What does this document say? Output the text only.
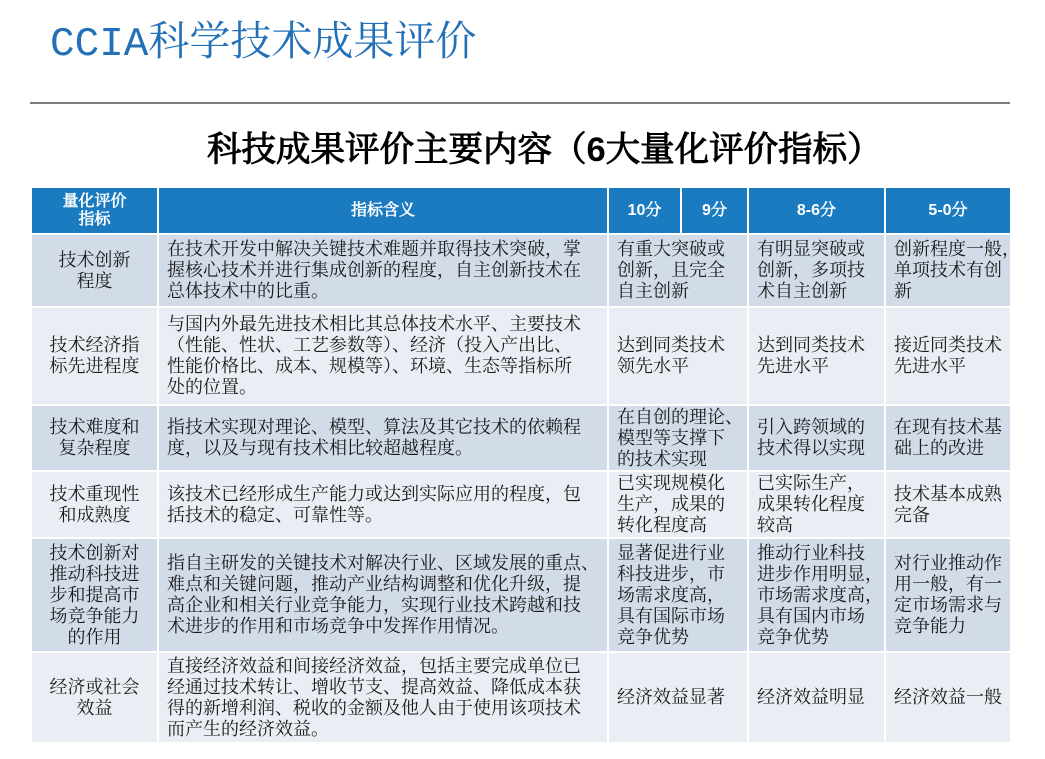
CCIA科学技术成果评价
科技成果评价主要内容（6大量化评价指标）
量化评价
指标	指标含义	10分	9分	8-6分	5-0分
技术创新
程度	在技术开发中解决关键技术难题并取得技术突破，掌
握核心技术并进行集成创新的程度，自主创新技术在
总体技术中的比重。	有重大突破或
创新，且完全
自主创新		有明显突破或
创新，多项技
术自主创新	创新程度一般，
单项技术有创
新
技术经济指
标先进程度	与国内外最先进技术相比其总体技术水平、主要技术
（性能、性状、工艺参数等）、经济（投入产出比、
性能价格比、成本、规模等）、环境、生态等指标所
处的位置。	达到同类技术
领先水平		达到同类技术
先进水平	接近同类技术
先进水平
技术难度和
复杂程度	指技术实现对理论、模型、算法及其它技术的依赖程
度，以及与现有技术相比较超越程度。	在自创的理论、
模型等支撑下
的技术实现		引入跨领域的
技术得以实现	在现有技术基
础上的改进
技术重现性
和成熟度	该技术已经形成生产能力或达到实际应用的程度，包
括技术的稳定、可靠性等。	已实现规模化
生产，成果的
转化程度高		已实际生产，
成果转化程度
较高	技术基本成熟
完备
技术创新对
推动科技进
步和提高市
场竞争能力
的作用	指自主研发的关键技术对解决行业、区域发展的重点、
难点和关键问题，推动产业结构调整和优化升级，提
高企业和相关行业竞争能力，实现行业技术跨越和技
术进步的作用和市场竞争中发挥作用情况。	显著促进行业
科技进步，市
场需求度高，
具有国际市场
竞争优势		推动行业科技
进步作用明显，
市场需求度高，
具有国内市场
竞争优势	对行业推动作
用一般，有一
定市场需求与
竞争能力
经济或社会
效益	直接经济效益和间接经济效益，包括主要完成单位已
经通过技术转让、增收节支、提高效益、降低成本获
得的新增利润、税收的金额及他人由于使用该项技术
而产生的经济效益。	经济效益显著		经济效益明显	经济效益一般
